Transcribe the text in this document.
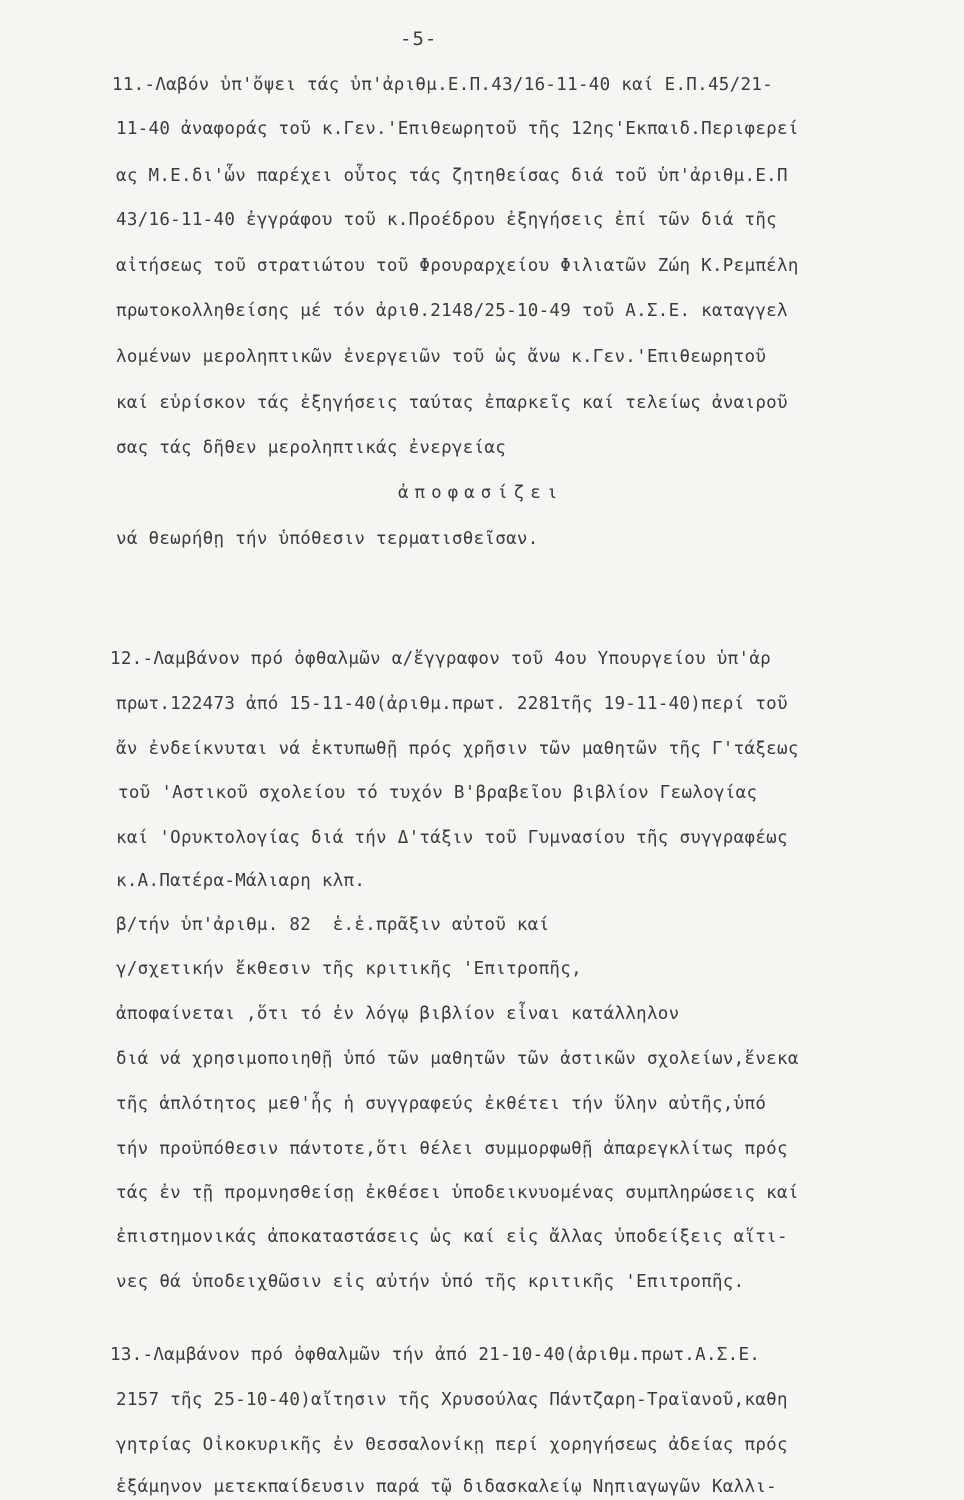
-5-
11.-Λαβόν ὑπ'ὄψει τάς ὑπ'ἀριθμ.Ε.Π.43/16-11-40 καί Ε.Π.45/21-
11-40 ἀναφοράς τοῦ κ.Γεν.'Επιθεωρητοῦ τῆς 12ης'Εκπαιδ.Περιφερεί
ας Μ.Ε.δι'ὧν παρέχει οὗτος τάς ζητηθείσας διά τοῦ ὑπ'ἀριθμ.Ε.Π
43/16-11-40 ἐγγράφου τοῦ κ.Προέδρου ἐξηγήσεις ἐπί τῶν διά τῆς
αἰτήσεως τοῦ στρατιώτου τοῦ Φρουραρχείου Φιλιατῶν Ζώη Κ.Ρεμπέλη
πρωτοκολληθείσης μέ τόν ἀριθ.2148/25-10-49 τοῦ Α.Σ.Ε. καταγγελ
λομένων μεροληπτικῶν ἐνεργειῶν τοῦ ὡς ἄνω κ.Γεν.'Επιθεωρητοῦ
καί εὑρίσκον τάς ἐξηγήσεις ταύτας ἐπαρκεῖς καί τελείως ἀναιροῦ
σας τάς δῆθεν μεροληπτικάς ἐνεργείας
ἀποφασίζει
νά θεωρήθῃ τήν ὑπόθεσιν τερματισθεῖσαν.
12.-Λαμβάνον πρό ὀφθαλμῶν α/ἔγγραφον τοῦ 4ου Υπουργείου ὑπ'ἀρ
πρωτ.122473 ἀπό 15-11-40(ἀριθμ.πρωτ. 2281τῆς 19-11-40)περί τοῦ
ἄν ἐνδείκνυται νά ἐκτυπωθῇ πρός χρῆσιν τῶν μαθητῶν τῆς Γ'τάξεως
τοῦ 'Αστικοῦ σχολείου τό τυχόν Β'βραβεῖου βιβλίον Γεωλογίας
καί 'Ορυκτολογίας διά τήν Δ'τάξιν τοῦ Γυμνασίου τῆς συγγραφέως
κ.Α.Πατέρα-Μάλιαρη κλπ.
β/τήν ὑπ'ἀριθμ. 82  ἑ.ἑ.πρᾶξιν αὐτοῦ καί
γ/σχετικήν ἔκθεσιν τῆς κριτικῆς 'Επιτροπῆς,
ἀποφαίνεται ,ὅτι τό ἐν λόγῳ βιβλίον εἶναι κατάλληλον
διά νά χρησιμοποιηθῇ ὑπό τῶν μαθητῶν τῶν ἀστικῶν σχολείων,ἕνεκα
τῆς ἁπλότητος μεθ'ἧς ἡ συγγραφεύς ἐκθέτει τήν ὕλην αὐτῆς,ὑπό
τήν προϋπόθεσιν πάντοτε,ὅτι θέλει συμμορφωθῇ ἀπαρεγκλίτως πρός
τάς ἐν τῇ προμνησθείσῃ ἐκθέσει ὑποδεικνυομένας συμπληρώσεις καί
ἐπιστημονικάς ἀποκαταστάσεις ὡς καί εἰς ἄλλας ὑποδείξεις αἵτι-
νες θά ὑποδειχθῶσιν εἰς αὐτήν ὑπό τῆς κριτικῆς 'Επιτροπῆς.
13.-Λαμβάνον πρό ὀφθαλμῶν τήν ἀπό 21-10-40(ἀριθμ.πρωτ.Α.Σ.Ε.
2157 τῆς 25-10-40)αἴτησιν τῆς Χρυσούλας Πάντζαρη-Τραϊανοῦ,καθη
γητρίας Οἰκοκυρικῆς ἐν Θεσσαλονίκῃ περί χορηγήσεως ἀδείας πρός
ἑξάμηνον μετεκπαίδευσιν παρά τῷ διδασκαλείῳ Νηπιαγωγῶν Καλλι-
